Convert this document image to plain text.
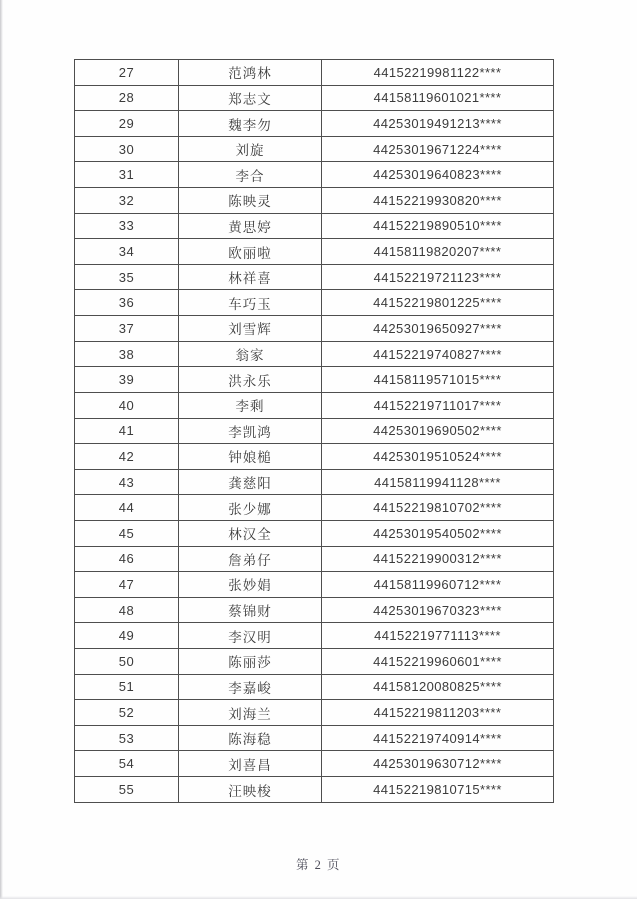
27	范鸿林	44152219981122****
28	郑志文	44158119601021****
29	魏李勿	44253019491213****
30	刘旋	44253019671224****
31	李合	44253019640823****
32	陈映灵	44152219930820****
33	黄思婷	44152219890510****
34	欧丽啦	44158119820207****
35	林祥喜	44152219721123****
36	车巧玉	44152219801225****
37	刘雪辉	44253019650927****
38	翁家	44152219740827****
39	洪永乐	44158119571015****
40	李剩	44152219711017****
41	李凯鸿	44253019690502****
42	钟娘槌	44253019510524****
43	龚慈阳	44158119941128****
44	张少娜	44152219810702****
45	林汉全	44253019540502****
46	詹弟仔	44152219900312****
47	张妙娟	44158119960712****
48	蔡锦财	44253019670323****
49	李汉明	44152219771113****
50	陈丽莎	44152219960601****
51	李嘉峻	44158120080825****
52	刘海兰	44152219811203****
53	陈海稳	44152219740914****
54	刘喜昌	44253019630712****
55	汪映梭	44152219810715****
第 2 页
